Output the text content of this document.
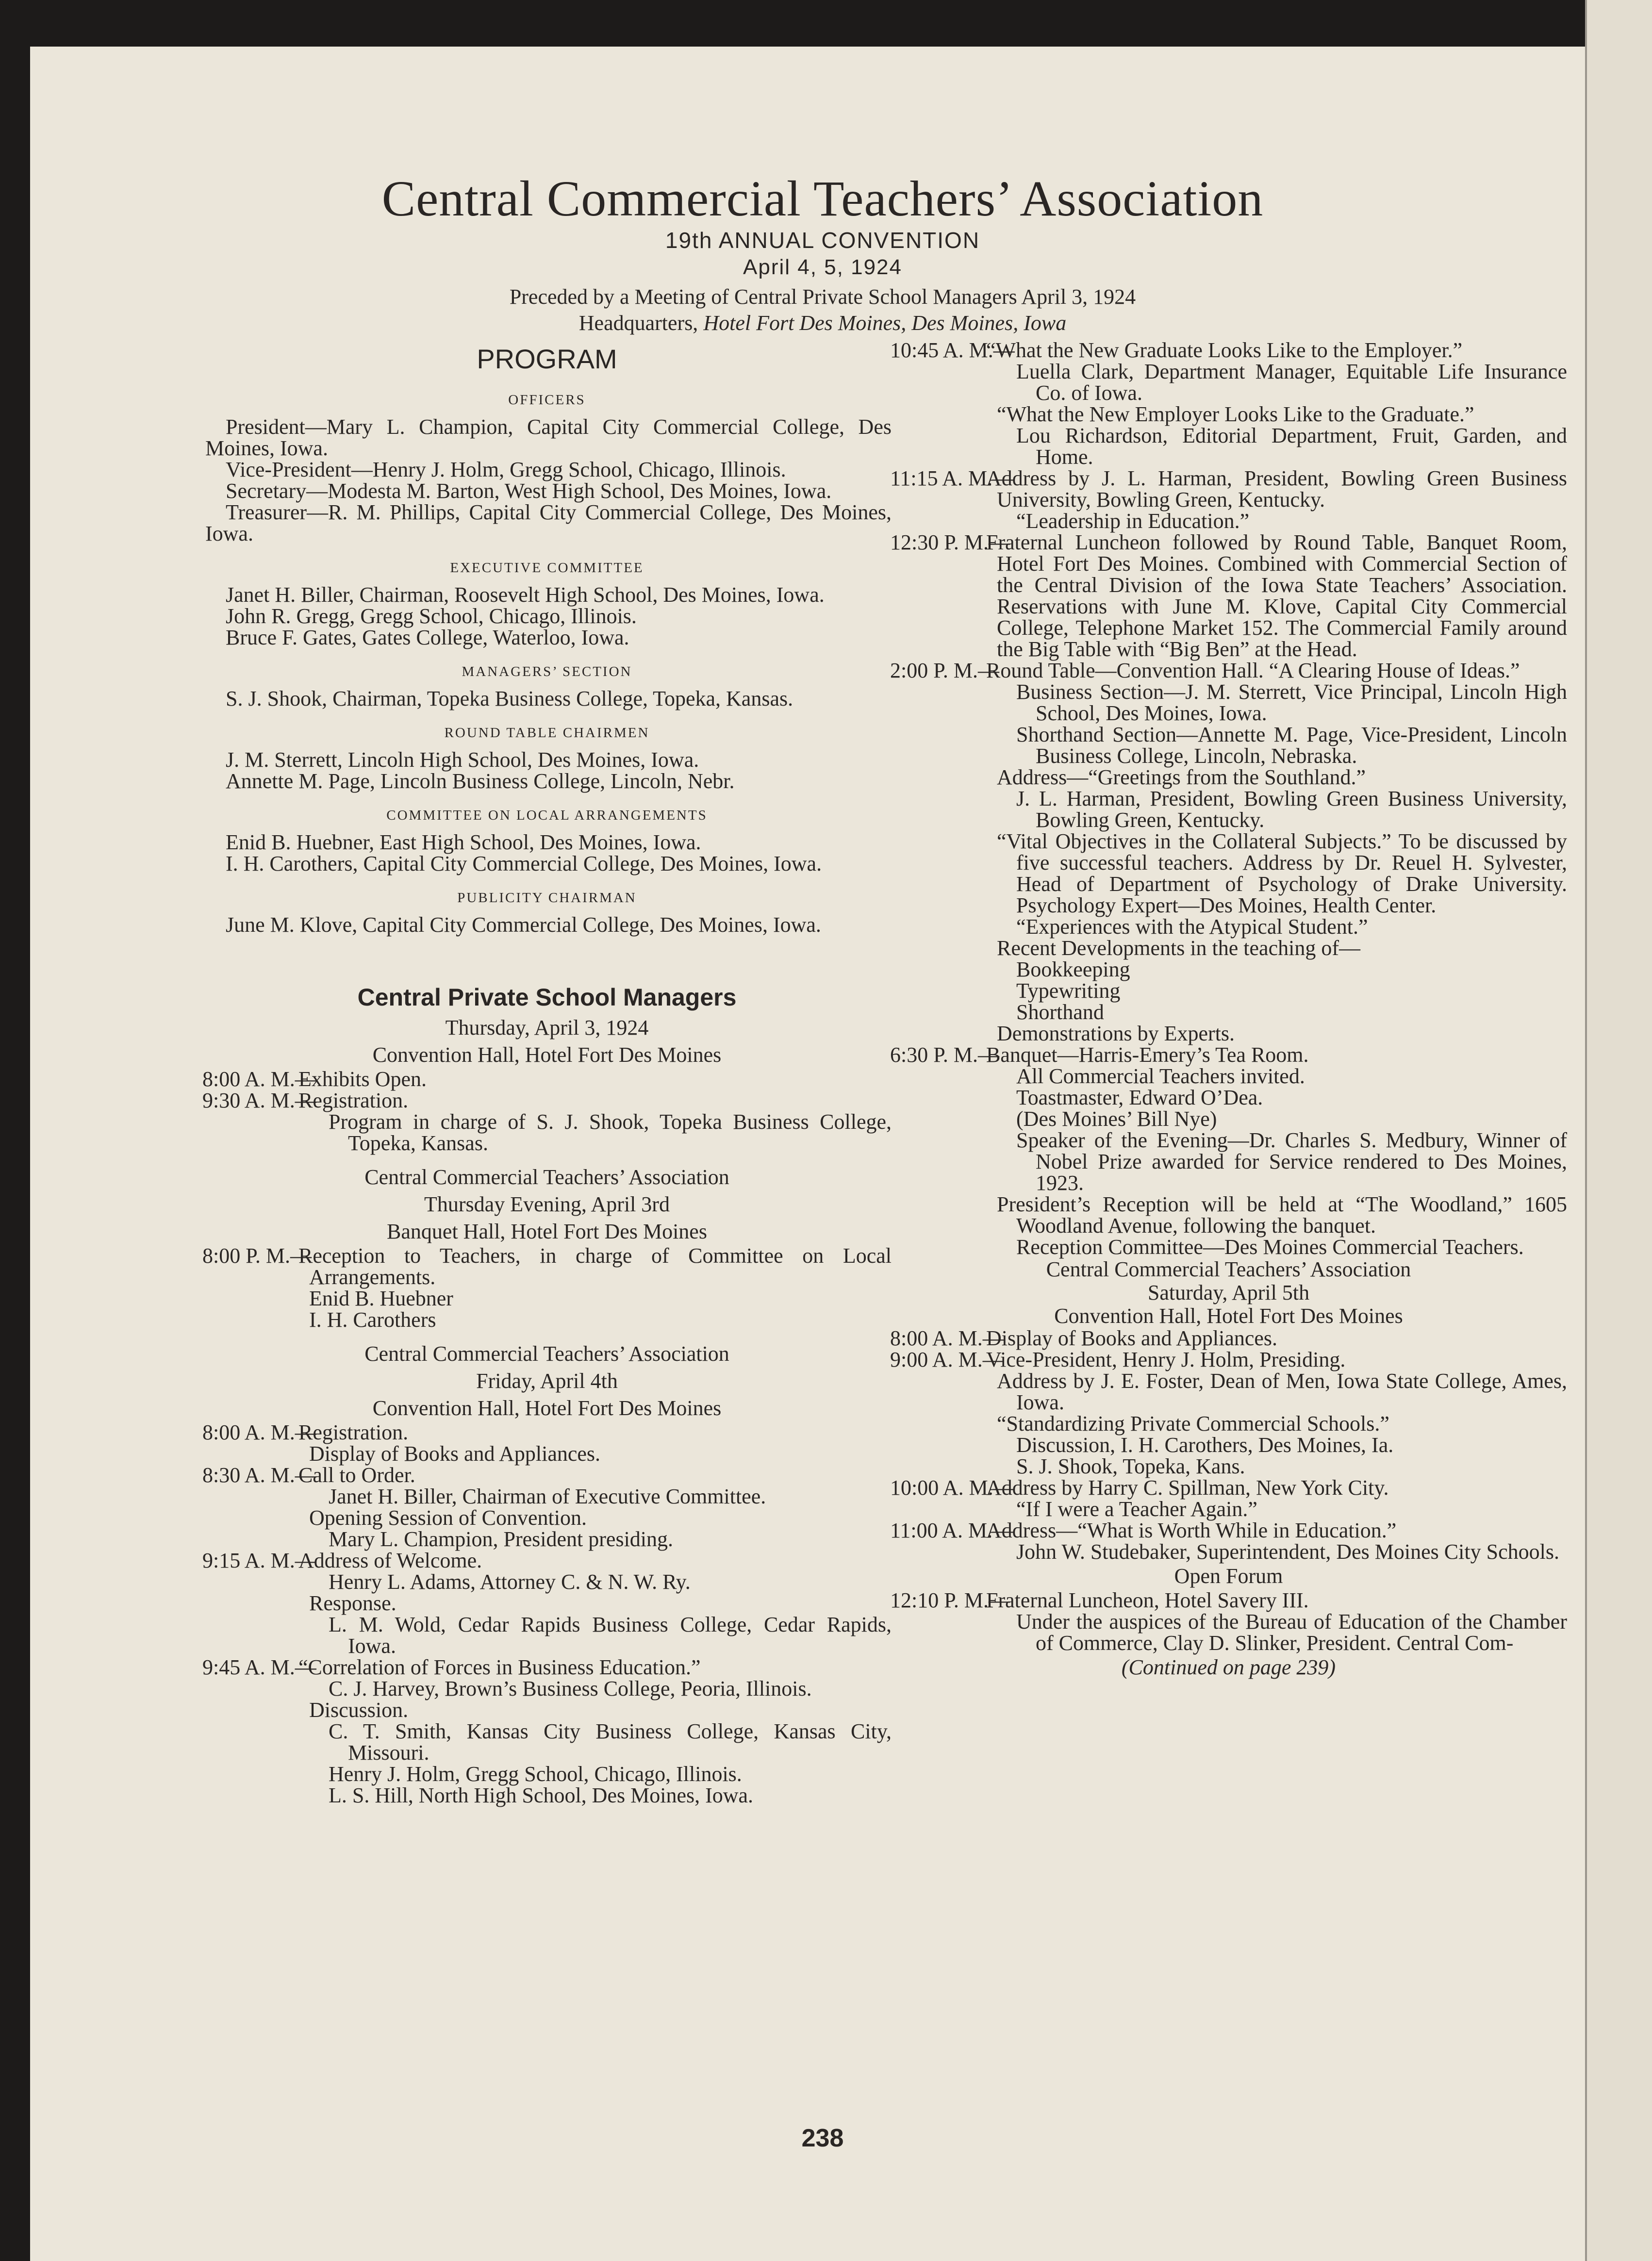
Central Commercial Teachers’ Association
19th ANNUAL CONVENTION
April 4, 5, 1924
Preceded by a Meeting of Central Private School Managers April 3, 1924
Headquarters, Hotel Fort Des Moines, Des Moines, Iowa

PROGRAM

OFFICERS

President—Mary L. Champion, Capital City Commercial College, Des Moines, Iowa.

Vice-President—Henry J. Holm, Gregg School, Chicago, Illinois.

Secretary—Modesta M. Barton, West High School, Des Moines, Iowa.

Treasurer—R. M. Phillips, Capital City Commercial College, Des Moines, Iowa.

EXECUTIVE COMMITTEE

Janet H. Biller, Chairman, Roosevelt High School, Des Moines, Iowa.

John R. Gregg, Gregg School, Chicago, Illinois.

Bruce F. Gates, Gates College, Waterloo, Iowa.

MANAGERS’ SECTION

S. J. Shook, Chairman, Topeka Business College, Topeka, Kansas.

ROUND TABLE CHAIRMEN

J. M. Sterrett, Lincoln High School, Des Moines, Iowa.

Annette M. Page, Lincoln Business College, Lincoln, Nebr.

COMMITTEE ON LOCAL ARRANGEMENTS

Enid B. Huebner, East High School, Des Moines, Iowa.

I. H. Carothers, Capital City Commercial College, Des Moines, Iowa.

PUBLICITY CHAIRMAN

June M. Klove, Capital City Commercial College, Des Moines, Iowa.

Central Private School Managers

Thursday, April 3, 1924

Convention Hall, Hotel Fort Des Moines

8:00 A. M.—
Exhibits Open.
9:30 A. M.—
Registration.

Program in charge of S. J. Shook, Topeka Business College, Topeka, Kansas.

Central Commercial Teachers’ Association

Thursday Evening, April 3rd

Banquet Hall, Hotel Fort Des Moines

8:00 P. M.—
Reception to Teachers, in charge of Committee on Local Arrangements.

Enid B. Huebner

I. H. Carothers

Central Commercial Teachers’ Association

Friday, April 4th

Convention Hall, Hotel Fort Des Moines

8:00 A. M.—
Registration.

Display of Books and Appliances.

8:30 A. M.—
Call to Order.

Janet H. Biller, Chairman of Executive Committee.

Opening Session of Convention.

Mary L. Champion, President presiding.

9:15 A. M.—
Address of Welcome.

Henry L. Adams, Attorney C. & N. W. Ry.

Response.

L. M. Wold, Cedar Rapids Business College, Cedar Rapids, Iowa.

9:45 A. M.—
“Correlation of Forces in Business Education.”

C. J. Harvey, Brown’s Business College, Peoria, Illinois.

Discussion.

C. T. Smith, Kansas City Business College, Kansas City, Missouri.

Henry J. Holm, Gregg School, Chicago, Illinois.

L. S. Hill, North High School, Des Moines, Iowa.

10:45 A. M.—
“What the New Graduate Looks Like to the Employer.”

Luella Clark, Department Manager, Equitable Life Insurance Co. of Iowa.

“What the New Employer Looks Like to the Graduate.”

Lou Richardson, Editorial Department, Fruit, Garden, and Home.

11:15 A. M.—
Address by J. L. Harman, President, Bowling Green Business University, Bowling Green, Kentucky.

“Leadership in Education.”

12:30 P. M.—
Fraternal Luncheon followed by Round Table, Banquet Room, Hotel Fort Des Moines. Combined with Commercial Section of the Central Division of the Iowa State Teachers’ Association. Reservations with June M. Klove, Capital City Commercial College, Telephone Market 152. The Commercial Family around the Big Table with “Big Ben” at the Head.
2:00 P. M.—
Round Table—Convention Hall. “A Clearing House of Ideas.”

Business Section—J. M. Sterrett, Vice Principal, Lincoln High School, Des Moines, Iowa.

Shorthand Section—Annette M. Page, Vice-President, Lincoln Business College, Lincoln, Nebraska.

Address—“Greetings from the Southland.”

J. L. Harman, President, Bowling Green Business University, Bowling Green, Kentucky.

“Vital Objectives in the Collateral Subjects.” To be discussed by five successful teachers. Address by Dr. Reuel H. Sylvester, Head of Department of Psychology of Drake University. Psychology Expert—Des Moines, Health Center.

“Experiences with the Atypical Student.”

Recent Developments in the teaching of—

Bookkeeping

Typewriting

Shorthand

Demonstrations by Experts.

6:30 P. M.—
Banquet—Harris-Emery’s Tea Room.

All Commercial Teachers invited.

Toastmaster, Edward O’Dea.

(Des Moines’ Bill Nye)

Speaker of the Evening—Dr. Charles S. Medbury, Winner of Nobel Prize awarded for Service rendered to Des Moines, 1923.

President’s Reception will be held at “The Woodland,” 1605 Woodland Avenue, following the banquet.

Reception Committee—Des Moines Commercial Teachers.

Central Commercial Teachers’ Association

Saturday, April 5th

Convention Hall, Hotel Fort Des Moines

8:00 A. M.—
Display of Books and Appliances.
9:00 A. M.—
Vice-President, Henry J. Holm, Presiding.

Address by J. E. Foster, Dean of Men, Iowa State College, Ames, Iowa.

“Standardizing Private Commercial Schools.”

Discussion, I. H. Carothers, Des Moines, Ia.

S. J. Shook, Topeka, Kans.

10:00 A. M.—
Address by Harry C. Spillman, New York City.

“If I were a Teacher Again.”

11:00 A. M.—
Address—“What is Worth While in Education.”

John W. Studebaker, Superintendent, Des Moines City Schools.

Open Forum

12:10 P. M.—
Fraternal Luncheon, Hotel Savery III.

Under the auspices of the Bureau of Education of the Chamber of Commerce, Clay D. Slinker, President. Central Com-

(Continued on page 239)

238
